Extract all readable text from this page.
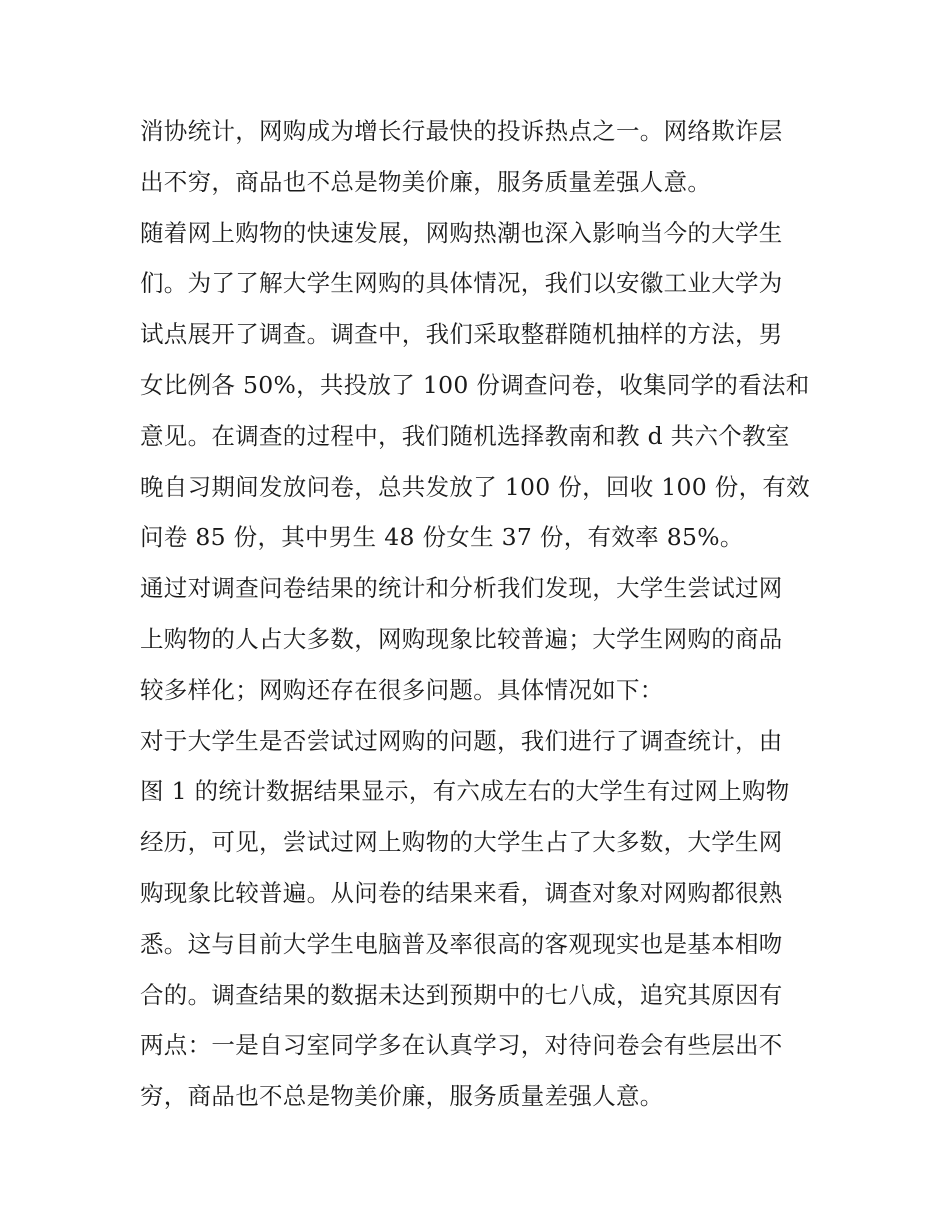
消协统计，网购成为增长行最快的投诉热点之一。网络欺诈层
出不穷，商品也不总是物美价廉，服务质量差强人意。
随着网上购物的快速发展，网购热潮也深入影响当今的大学生
们。为了了解大学生网购的具体情况，我们以安徽工业大学为
试点展开了调查。调查中，我们采取整群随机抽样的方法，男
女比例各 50%，共投放了 100 份调查问卷，收集同学的看法和
意见。在调查的过程中，我们随机选择教南和教 d 共六个教室
晚自习期间发放问卷，总共发放了 100 份，回收 100 份，有效
问卷 85 份，其中男生 48 份女生 37 份，有效率 85%。
通过对调查问卷结果的统计和分析我们发现，大学生尝试过网
上购物的人占大多数，网购现象比较普遍；大学生网购的商品
较多样化；网购还存在很多问题。具体情况如下：
对于大学生是否尝试过网购的问题，我们进行了调查统计，由
图 1 的统计数据结果显示，有六成左右的大学生有过网上购物
经历，可见，尝试过网上购物的大学生占了大多数，大学生网
购现象比较普遍。从问卷的结果来看，调查对象对网购都很熟
悉。这与目前大学生电脑普及率很高的客观现实也是基本相吻
合的。调查结果的数据未达到预期中的七八成，追究其原因有
两点：一是自习室同学多在认真学习，对待问卷会有些层出不
穷，商品也不总是物美价廉，服务质量差强人意。
